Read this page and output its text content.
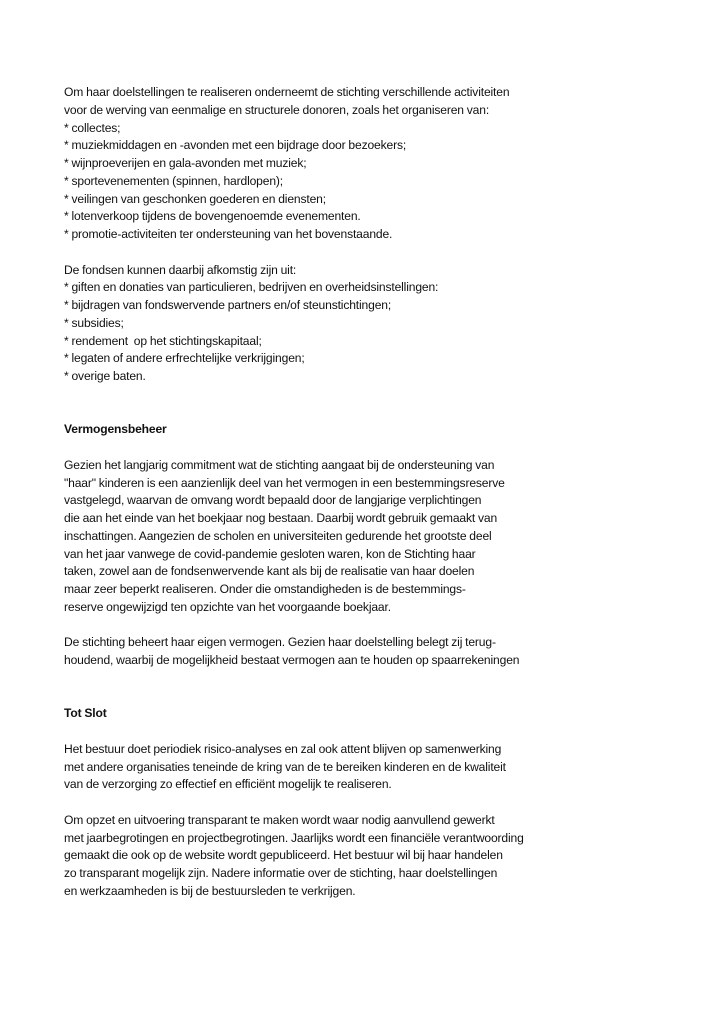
Om haar doelstellingen te realiseren onderneemt de stichting verschillende activiteiten
voor de werving van eenmalige en structurele donoren, zoals het organiseren van:
* collectes;
* muziekmiddagen en -avonden met een bijdrage door bezoekers;
* wijnproeverijen en gala-avonden met muziek;
* sportevenementen (spinnen, hardlopen);
* veilingen van geschonken goederen en diensten;
* lotenverkoop tijdens de bovengenoemde evenementen.
* promotie-activiteiten ter ondersteuning van het bovenstaande.
De fondsen kunnen daarbij afkomstig zijn uit:
* giften en donaties van particulieren, bedrijven en overheidsinstellingen:
* bijdragen van fondswervende partners en/of steunstichtingen;
* subsidies;
* rendement  op het stichtingskapitaal;
* legaten of andere erfrechtelijke verkrijgingen;
* overige baten.
Vermogensbeheer
Gezien het langjarig commitment wat de stichting aangaat bij de ondersteuning van
"haar" kinderen is een aanzienlijk deel van het vermogen in een bestemmingsreserve
vastgelegd, waarvan de omvang wordt bepaald door de langjarige verplichtingen
die aan het einde van het boekjaar nog bestaan. Daarbij wordt gebruik gemaakt van
inschattingen. Aangezien de scholen en universiteiten gedurende het grootste deel
van het jaar vanwege de covid-pandemie gesloten waren, kon de Stichting haar
taken, zowel aan de fondsenwervende kant als bij de realisatie van haar doelen
maar zeer beperkt realiseren. Onder die omstandigheden is de bestemmings-
reserve ongewijzigd ten opzichte van het voorgaande boekjaar.
De stichting beheert haar eigen vermogen. Gezien haar doelstelling belegt zij terug-
houdend, waarbij de mogelijkheid bestaat vermogen aan te houden op spaarrekeningen
Tot Slot
Het bestuur doet periodiek risico-analyses en zal ook attent blijven op samenwerking
met andere organisaties teneinde de kring van de te bereiken kinderen en de kwaliteit
van de verzorging zo effectief en efficiënt mogelijk te realiseren.
Om opzet en uitvoering transparant te maken wordt waar nodig aanvullend gewerkt
met jaarbegrotingen en projectbegrotingen. Jaarlijks wordt een financiële verantwoording
gemaakt die ook op de website wordt gepubliceerd. Het bestuur wil bij haar handelen
zo transparant mogelijk zijn. Nadere informatie over de stichting, haar doelstellingen
en werkzaamheden is bij de bestuursleden te verkrijgen.
